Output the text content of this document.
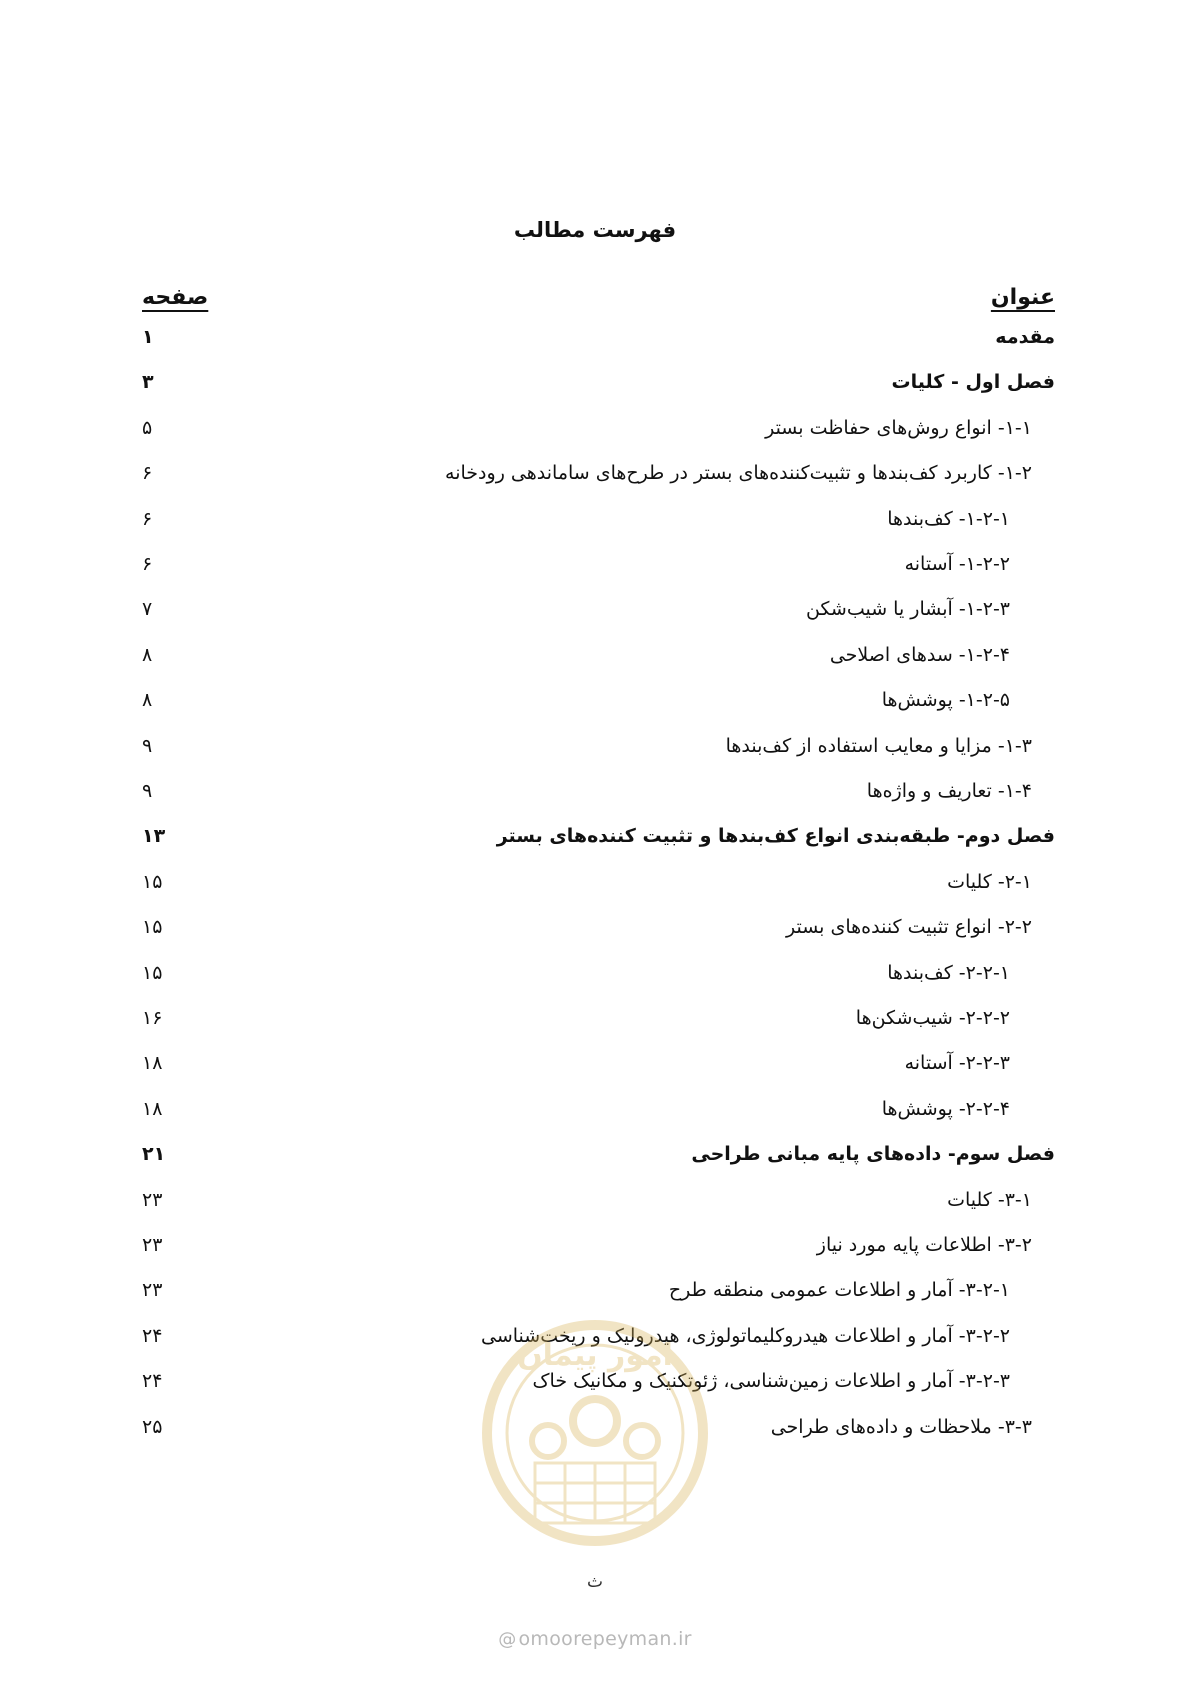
فهرست مطالب
عنوان
صفحه
مقدمه
۱
فصل اول - کلیات
۳
۱-۱- انواع روش‌های حفاظت بستر
۵
۱-۲- کاربرد کف‌بندها و تثبیت‌کننده‌های بستر در طرح‌های ساماندهی رودخانه
۶
۱-۲-۱- کف‌بندها
۶
۱-۲-۲- آستانه
۶
۱-۲-۳- آبشار یا شیب‌شکن
۷
۱-۲-۴- سدهای اصلاحی
۸
۱-۲-۵- پوشش‌ها
۸
۱-۳- مزایا و معایب استفاده از کف‌بندها
۹
۱-۴- تعاریف و واژه‌ها
۹
فصل دوم- طبقه‌بندی انواع کف‌بندها و تثبیت کننده‌های بستر
۱۳
۲-۱- کلیات
۱۵
۲-۲- انواع تثبیت کننده‌های بستر
۱۵
۲-۲-۱- کف‌بندها
۱۵
۲-۲-۲- شیب‌شکن‌ها
۱۶
۲-۲-۳- آستانه
۱۸
۲-۲-۴- پوشش‌ها
۱۸
فصل سوم- داده‌های پایه مبانی طراحی
۲۱
۳-۱- کلیات
۲۳
۳-۲- اطلاعات پایه مورد نیاز
۲۳
۳-۲-۱- آمار و اطلاعات عمومی منطقه طرح
۲۳
۳-۲-۲- آمار و اطلاعات هیدروکلیماتولوژی، هیدرولیک و ریخت‌شناسی
۲۴
۳-۲-۳- آمار و اطلاعات زمین‌شناسی، ژئوتکنیک و مکانیک خاک
۲۴
۳-۳- ملاحظات و داده‌های طراحی
۲۵
امور پیمان
ث
@ omoorepeyman.ir
